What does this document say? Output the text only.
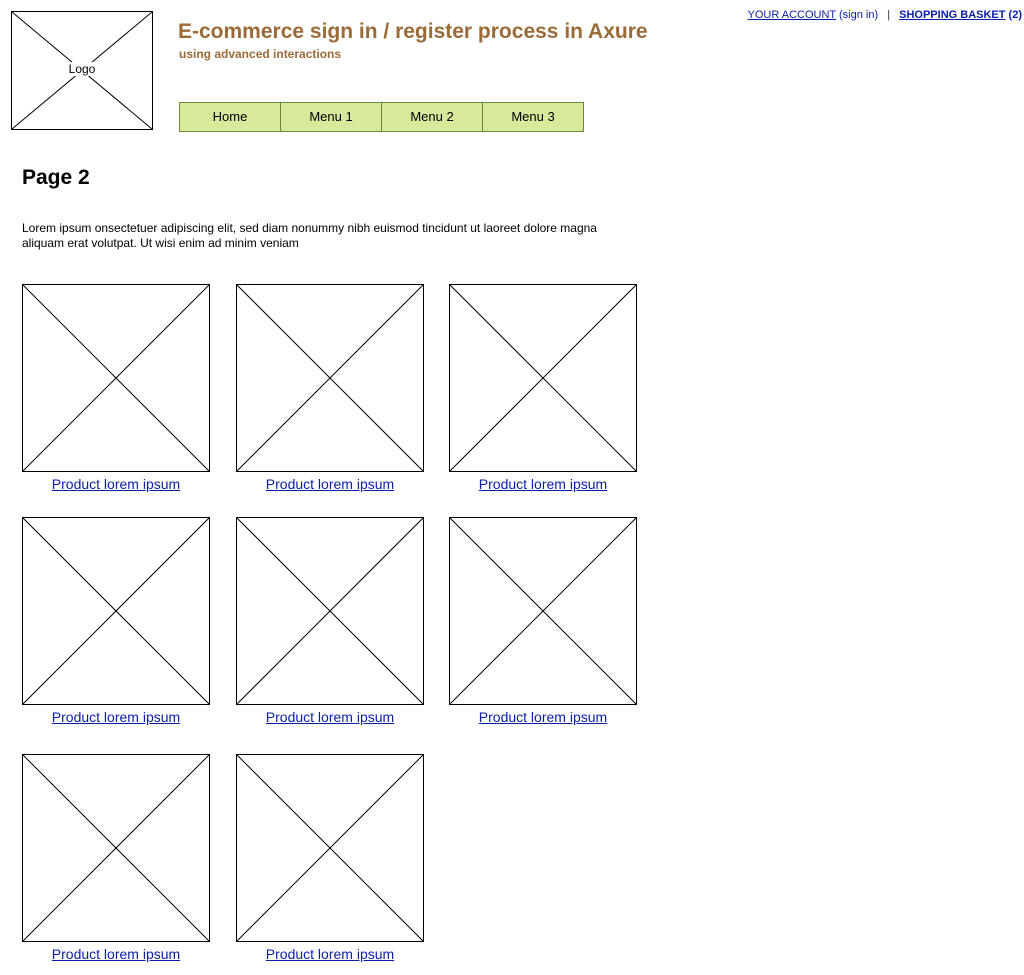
Logo
E-commerce sign in / register process in Axure
using advanced interactions
YOUR ACCOUNT (sign in) | SHOPPING BASKET (2)
Home	Menu 1	Menu 2	Menu 3
Page 2

Lorem ipsum onsectetuer adipiscing elit, sed diam nonummy nibh euismod tincidunt ut laoreet dolore magna aliquam erat volutpat. Ut wisi enim ad minim veniam

Product lorem ipsum	Product lorem ipsum	Product lorem ipsum
Product lorem ipsum	Product lorem ipsum	Product lorem ipsum
Product lorem ipsum	Product lorem ipsum
